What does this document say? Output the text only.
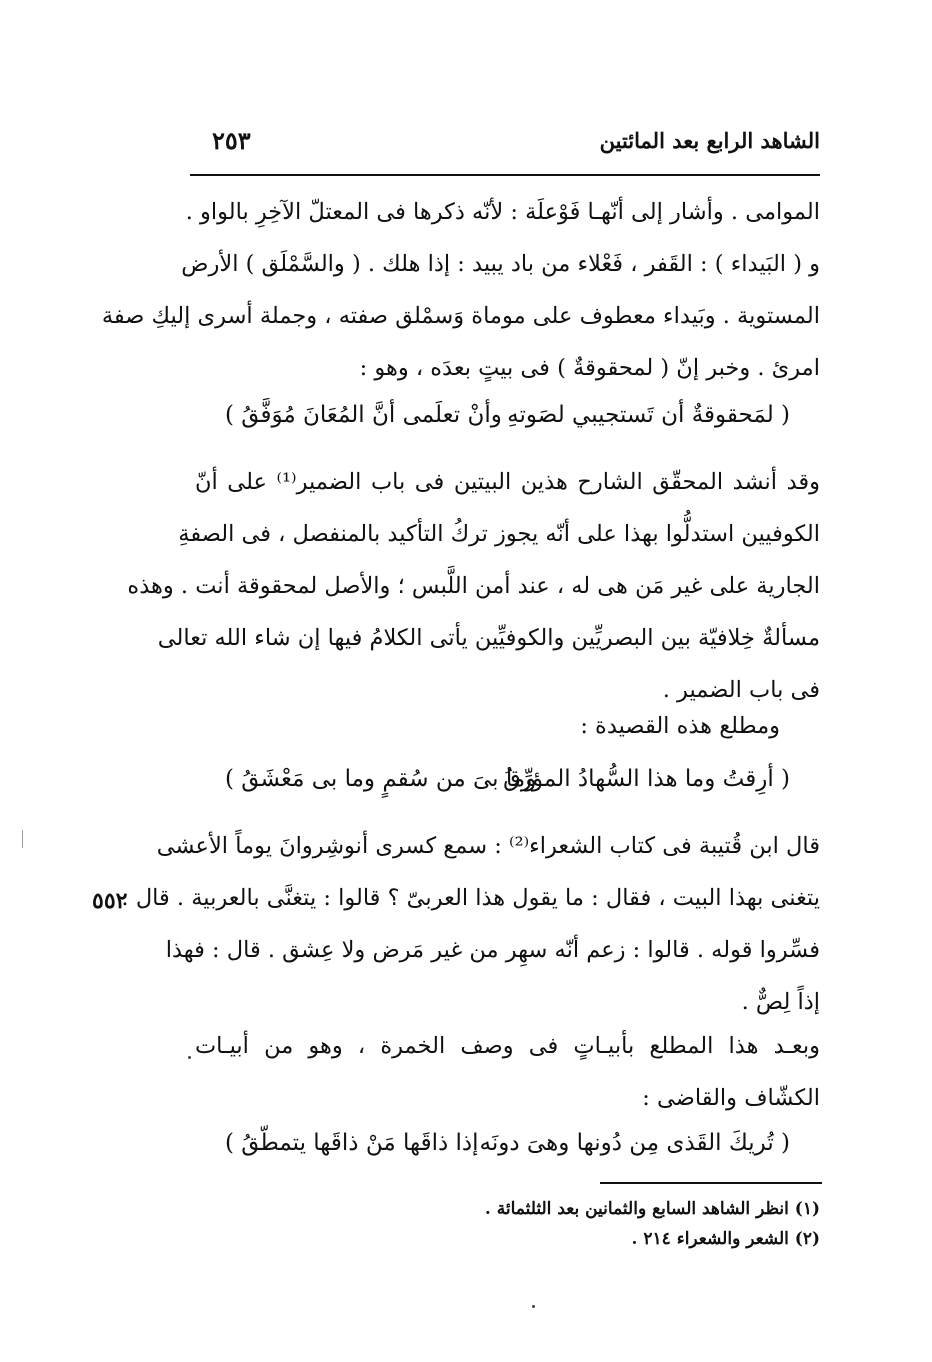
الشاهد الرابع بعد المائتين
٢٥٣
الموامى . وأشار إلى أنّهـا فَوْعلَة : لأنّه ذكرها فى المعتلّ الآخِرِ بالواو .
و ( البَيداء ) : القَفر ، فَعْلاء من باد يبيد : إذا هلك . ( والسَّمْلَق ) الأرض
المستوية . وبَيداء معطوف على موماة وَسمْلق صفته ، وجملة أسرى إليكِ صفة
امرئ . وخبر إنّ ( لمحقوقةٌ ) فى بيتٍ بعدَه ، وهو :
( لمَحقوقةٌ أن تَستجيبي لصَوتهِ
وأنْ تعلَمى أنَّ المُعَانَ مُوَفَّقُ )
وقد أنشد المحقّق الشارح هذين البيتين فى باب الضمير⁽¹⁾ على أنّ
الكوفيين استدلُّوا بهذا على أنّه يجوز تركُ التأكيد بالمنفصل ، فى الصفةِ
الجارية على غير مَن هى له ، عند أمن اللَّبس ؛ والأصل لمحقوقة أنت . وهذه
مسألةٌ خِلافيّة بين البصريِّين والكوفيِّين يأتى الكلامُ فيها إن شاء الله تعالى
فى باب الضمير .
ومطلع هذه القصيدة :
( أرِقتُ وما هذا السُّهادُ المؤرِّقُ
وما بىَ من سُقمٍ وما بى مَعْشَقُ )
قال ابن قُتيبة فى كتاب الشعراء⁽²⁾ : سمع كسرى أنوشِروانَ يوماً الأعشى
يتغنى بهذا البيت ، فقال : ما يقول هذا العربىّ ؟ قالوا : يتغنَّى بالعربية . قال :
فسِّروا قوله . قالوا : زعم أنّه سهِر من غير مَرض ولا عِشق . قال : فهذا
إذاً لِصٌّ .
٥٥٢
وبعـد هذا المطلع بأبيـاتٍ فى وصف الخمرة ، وهو من أبيـات
الكشّاف والقاضى :
( تُريكَ القَذى مِن دُونها وهىَ دونَه
إذا ذاقَها مَنْ ذاقَها يتمطّقُ )
(١) انظر الشاهد السابع والثمانين بعد الثلثمائة .
(٢) الشعر والشعراء ٢١٤ .
